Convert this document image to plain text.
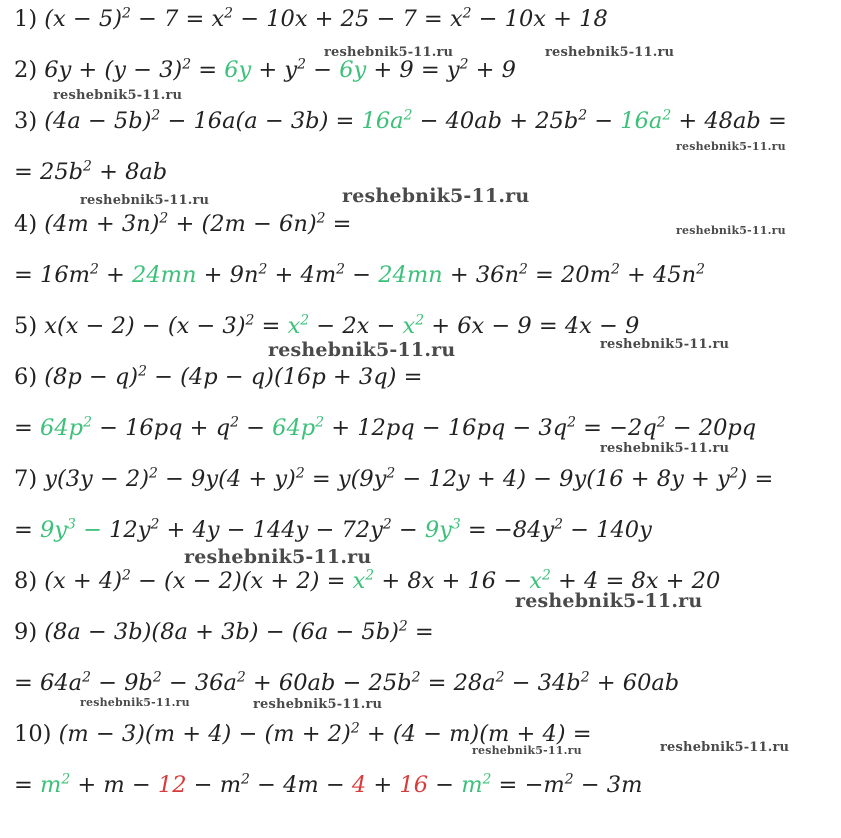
1) $(x - 5)^2 - 7 = x^2 - 10x + 25 - 7 = x^2 - 10x + 18$
2) $6y + (y - 3)^2 = 6y + y^2 - 6y + 9 = y^2 + 9$
3) $(4a - 5b)^2 - 16a(a - 3b) = 16a^2 - 40ab + 25b^2 - 16a^2 + 48ab$ =
= $25b^2 + 8ab$
4) $(4m + 3n)^2 + (2m - 6n)^2$ =
= $16m^2 + 24mn + 9n^2 + 4m^2 - 24mn + 36n^2 = 20m^2 + 45n^2$
5) $x(x - 2) - (x - 3)^2 = x^2 - 2x - x^2 + 6x - 9 = 4x - 9$
6) $(8p - q)^2 - (4p - q)(16p + 3q)$ =
= $64p^2 - 16pq + q^2 - 64p^2 + 12pq - 16pq - 3q^2 = -2q^2 - 20pq$
7) $y(3y - 2)^2 - 9y(4 + y)^2 = y(9y^2 - 12y + 4) - 9y(16 + 8y + y^2)$ =
= $9y^3 - 12y^2 + 4y - 144y - 72y^2 - 9y^3 = -84y^2 - 140y$
8) $(x + 4)^2 - (x - 2)(x + 2) = x^2 + 8x + 16 - x^2 + 4 = 8x + 20$
9) $(8a - 3b)(8a + 3b) - (6a - 5b)^2$ =
= $64a^2 - 9b^2 - 36a^2 + 60ab - 25b^2 = 28a^2 - 34b^2 + 60ab$
10) $(m - 3)(m + 4) - (m + 2)^2 + (4 - m)(m + 4)$ =
= $m^2 + m - 12 - m^2 - 4m - 4 + 16 - m^2 = -m^2 - 3m$
reshebnik5-11.ru	reshebnik5-11.ru
reshebnik5-11.ru
reshebnik5-11.ru
reshebnik5-11.ru	reshebnik5-11.ru
reshebnik5-11.ru
reshebnik5-11.ru	reshebnik5-11.ru
reshebnik5-11.ru
reshebnik5-11.ru
reshebnik5-11.ru
reshebnik5-11.ru	reshebnik5-11.ru
reshebnik5-11.ru	reshebnik5-11.ru
